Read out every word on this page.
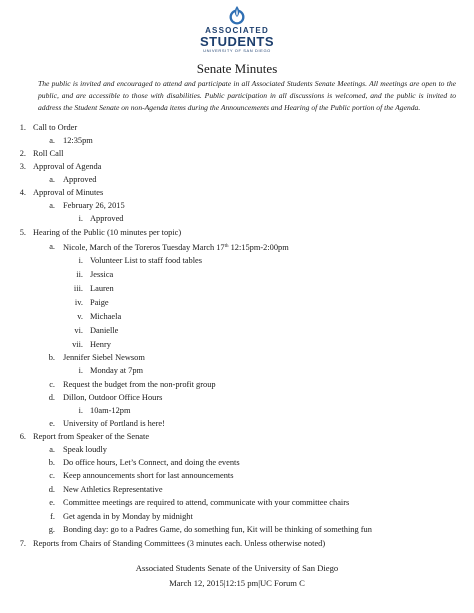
ASSOCIATED
STUDENTS
UNIVERSITY OF SAN DIEGO
Senate Minutes
The public is invited and encouraged to attend and participate in all Associated Students Senate Meetings. All meetings are open to the public, and are accessible to those with disabilities. Public participation in all discussions is welcomed, and the public is invited to address the Student Senate on non-Agenda items during the Announcements and Hearing of the Public portion of the Agenda.
1. Call to Order
a. 12:35pm
2. Roll Call
3. Approval of Agenda
a. Approved
4. Approval of Minutes
a. February 26, 2015
i. Approved
5. Hearing of the Public (10 minutes per topic)
a. Nicole, March of the Toreros Tuesday March 17th 12:15pm-2:00pm
i. Volunteer List to staff food tables
ii. Jessica
iii. Lauren
iv. Paige
v. Michaela
vi. Danielle
vii. Henry
b. Jennifer Siebel Newsom
i. Monday at 7pm
c. Request the budget from the non-profit group
d. Dillon, Outdoor Office Hours
i. 10am-12pm
e. University of Portland is here!
6. Report from Speaker of the Senate
a. Speak loudly
b. Do office hours, Let’s Connect, and doing the events
c. Keep announcements short for last announcements
d. New Athletics Representative
e. Committee meetings are required to attend, communicate with your committee chairs
f. Get agenda in by Monday by midnight
g. Bonding day: go to a Padres Game, do something fun, Kit will be thinking of something fun
7. Reports from Chairs of Standing Committees (3 minutes each. Unless otherwise noted)
Associated Students Senate of the University of San Diego
March 12, 2015|12:15 pm|UC Forum C
